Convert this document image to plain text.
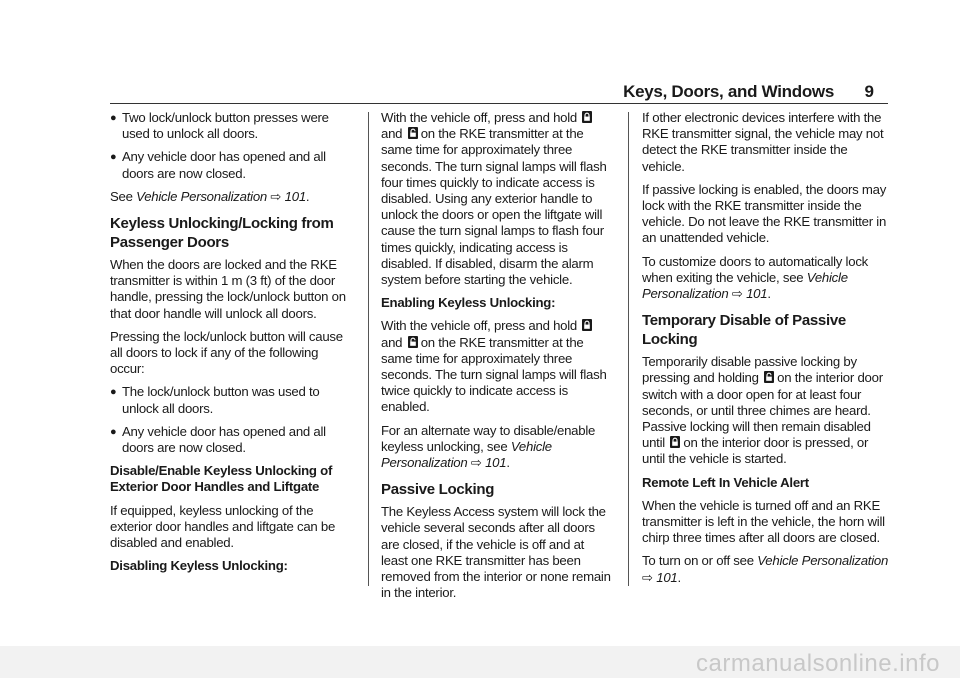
Keys, Doors, and Windows 9
● Two lock/unlock button presses were used to unlock all doors.
● Any vehicle door has opened and all doors are now closed.

See Vehicle Personalization ⇨ 101.

Keyless Unlocking/Locking from Passenger Doors

When the doors are locked and the RKE transmitter is within 1 m (3 ft) of the door handle, pressing the lock/unlock button on that door handle will unlock all doors.

Pressing the lock/unlock button will cause all doors to lock if any of the following occur:

● The lock/unlock button was used to unlock all doors.
● Any vehicle door has opened and all doors are now closed.

Disable/Enable Keyless Unlocking of Exterior Door Handles and Liftgate

If equipped, keyless unlocking of the exterior door handles and liftgate can be disabled and enabled.

Disabling Keyless Unlocking:

With the vehicle off, press and hold and on the RKE transmitter at the same time for approximately three seconds. The turn signal lamps will flash four times quickly to indicate access is disabled. Using any exterior handle to unlock the doors or open the liftgate will cause the turn signal lamps to flash four times quickly, indicating access is disabled. If disabled, disarm the alarm system before starting the vehicle.

Enabling Keyless Unlocking:

With the vehicle off, press and hold and on the RKE transmitter at the same time for approximately three seconds. The turn signal lamps will flash twice quickly to indicate access is enabled.

For an alternate way to disable/enable keyless unlocking, see Vehicle Personalization ⇨ 101.

Passive Locking

The Keyless Access system will lock the vehicle several seconds after all doors are closed, if the vehicle is off and at least one RKE transmitter has been removed from the interior or none remain in the interior.

If other electronic devices interfere with the RKE transmitter signal, the vehicle may not detect the RKE transmitter inside the vehicle.

If passive locking is enabled, the doors may lock with the RKE transmitter inside the vehicle. Do not leave the RKE transmitter in an unattended vehicle.

To customize doors to automatically lock when exiting the vehicle, see Vehicle Personalization ⇨ 101.

Temporary Disable of Passive Locking

Temporarily disable passive locking by pressing and holding on the interior door switch with a door open for at least four seconds, or until three chimes are heard. Passive locking will then remain disabled until on the interior door is pressed, or until the vehicle is started.

Remote Left In Vehicle Alert

When the vehicle is turned off and an RKE transmitter is left in the vehicle, the horn will chirp three times after all doors are closed.

To turn on or off see Vehicle Personalization ⇨ 101.

carmanualsonline.info
